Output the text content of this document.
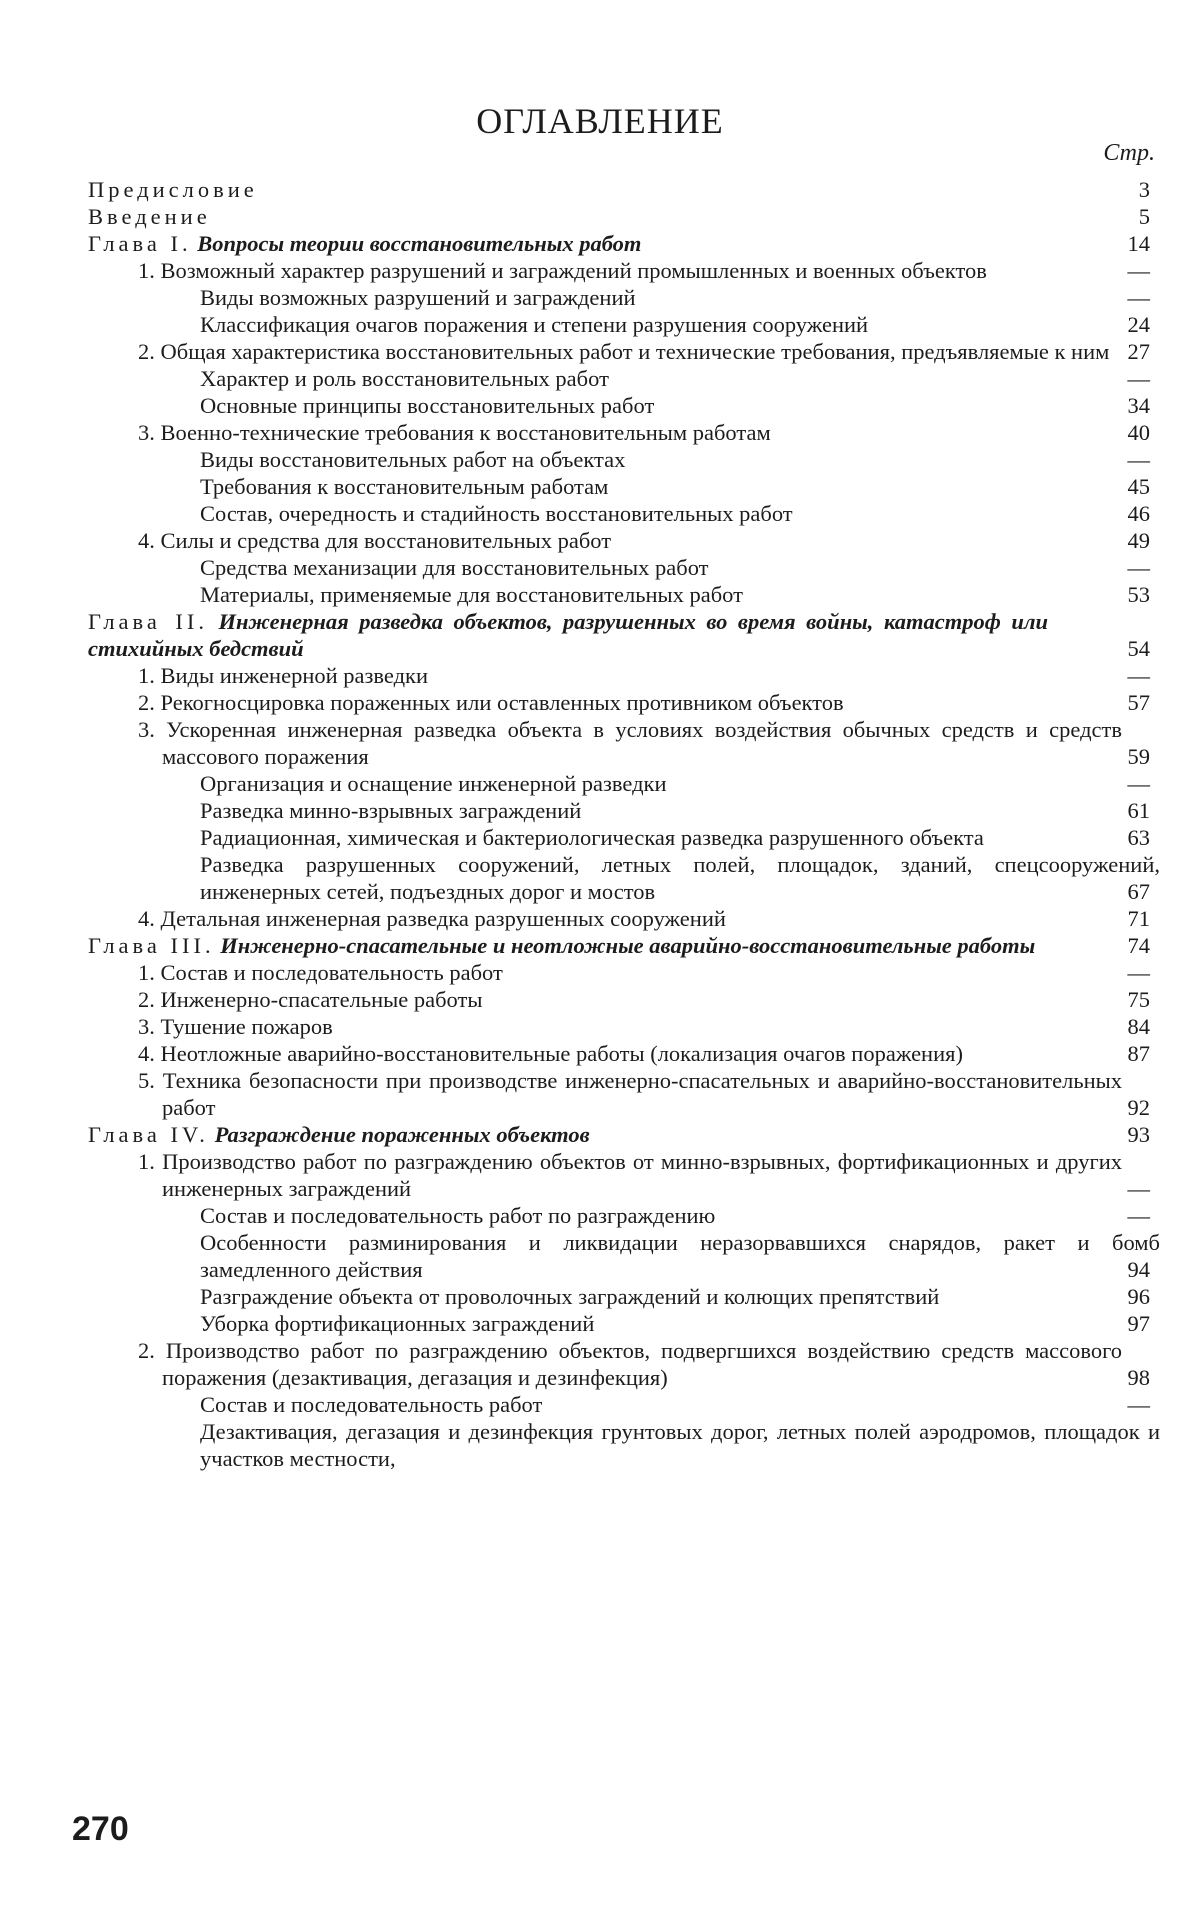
ОГЛАВЛЕНИЕ
Стр.
Предисловие	3
Введение	5
Глава I. Вопросы теории восстановительных работ	14
1. Возможный характер разрушений и заграждений промышленных и военных объектов	—
Виды возможных разрушений и заграждений	—
Классификация очагов поражения и степени разрушения сооружений	24
2. Общая характеристика восстановительных работ и технические требования, предъявляемые к ним 27
Характер и роль восстановительных работ	—
Основные принципы восстановительных работ	34
3. Военно-технические требования к восстановительным работам	40
Виды восстановительных работ на объектах	—
Требования к восстановительным работам	45
Состав, очередность и стадийность восстановительных работ	46
4. Силы и средства для восстановительных работ	49
Средства механизации для восстановительных работ	—
Материалы, применяемые для восстановительных работ	53
Глава II. Инженерная разведка объектов, разрушенных во время войны, катастроф или стихийных бедствий	54
1. Виды инженерной разведки	—
2. Рекогносцировка пораженных или оставленных противником объектов	57
3. Ускоренная инженерная разведка объекта в условиях воздействия обычных средств и средств массового поражения	59
Организация и оснащение инженерной разведки	—
Разведка минно-взрывных заграждений	61
Радиационная, химическая и бактериологическая разведка разрушенного объекта	63
Разведка разрушенных сооружений, летных полей, площадок, зданий, спецсооружений, инженерных сетей, подъездных дорог и мостов	67
4. Детальная инженерная разведка разрушенных сооружений	71
Глава III. Инженерно-спасательные и неотложные аварийно-восстановительные работы	74
1. Состав и последовательность работ	—
2. Инженерно-спасательные работы	75
3. Тушение пожаров	84
4. Неотложные аварийно-восстановительные работы (локализация очагов поражения)	87
5. Техника безопасности при производстве инженерно-спасательных и аварийно-восстановительных работ	92
Глава IV. Разграждение пораженных объектов	93
1. Производство работ по разграждению объектов от минно-взрывных, фортификационных и других инженерных заграждений	—
Состав и последовательность работ по разграждению	—
Особенности разминирования и ликвидации неразорвавшихся снарядов, ракет и бомб замедленного действия	94
Разграждение объекта от проволочных заграждений и колющих препятствий	96
Уборка фортификационных заграждений	97
2. Производство работ по разграждению объектов, подвергшихся воздействию средств массового поражения (дезактивация, дегазация и дезинфекция)	98
Состав и последовательность работ	—
Дезактивация, дегазация и дезинфекция грунтовых дорог, летных полей аэродромов, площадок и участков местности,
270
